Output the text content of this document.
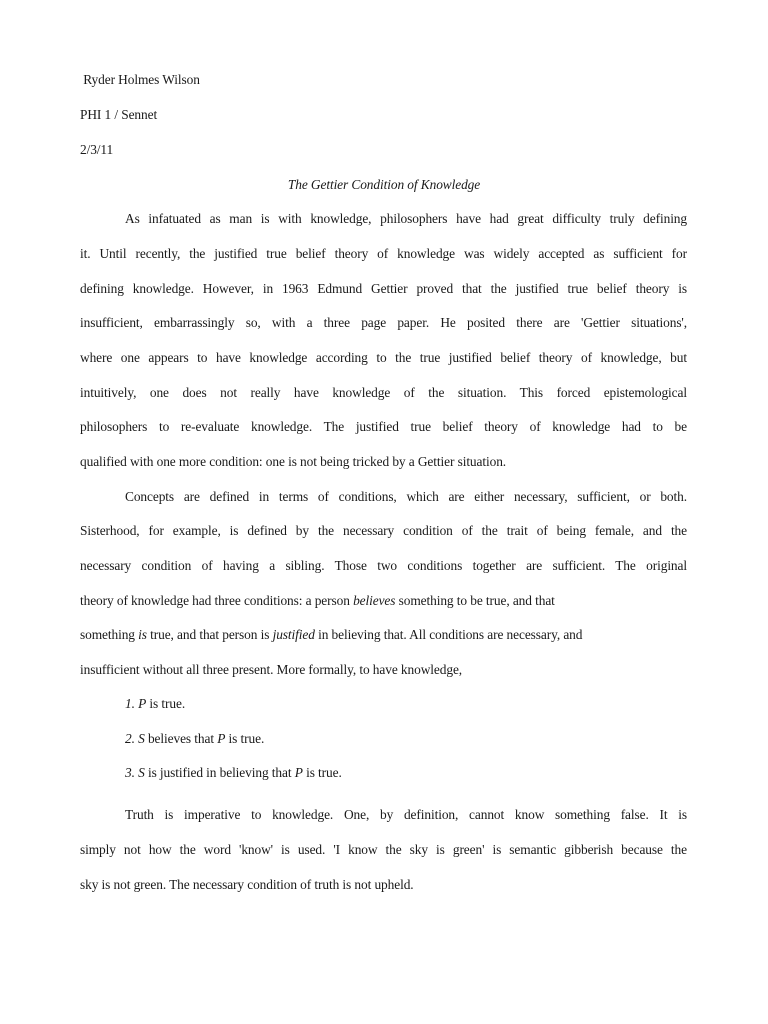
Ryder Holmes Wilson
PHI 1 / Sennet
2/3/11
The Gettier Condition of Knowledge
As infatuated as man is with knowledge, philosophers have had great difficulty truly defining
it. Until recently, the justified true belief theory of knowledge was widely accepted as sufficient for
defining knowledge. However, in 1963 Edmund Gettier proved that the justified true belief theory is
insufficient, embarrassingly so, with a three page paper. He posited there are 'Gettier situations',
where one appears to have knowledge according to the true justified belief theory of knowledge, but
intuitively, one does not really have knowledge of the situation. This forced epistemological
philosophers to re-evaluate knowledge. The justified true belief theory of knowledge had to be
qualified with one more condition: one is not being tricked by a Gettier situation.
Concepts are defined in terms of conditions, which are either necessary, sufficient, or both.
Sisterhood, for example, is defined by the necessary condition of the trait of being female, and the
necessary condition of having a sibling. Those two conditions together are sufficient. The original
theory of knowledge had three conditions: a person believes something to be true, and that
something is true, and that person is justified in believing that. All conditions are necessary, and
insufficient without all three present. More formally, to have knowledge,
1. P is true.
2. S believes that P is true.
3. S is justified in believing that P is true.
Truth is imperative to knowledge. One, by definition, cannot know something false. It is
simply not how the word 'know' is used. 'I know the sky is green' is semantic gibberish because the
sky is not green. The necessary condition of truth is not upheld.
